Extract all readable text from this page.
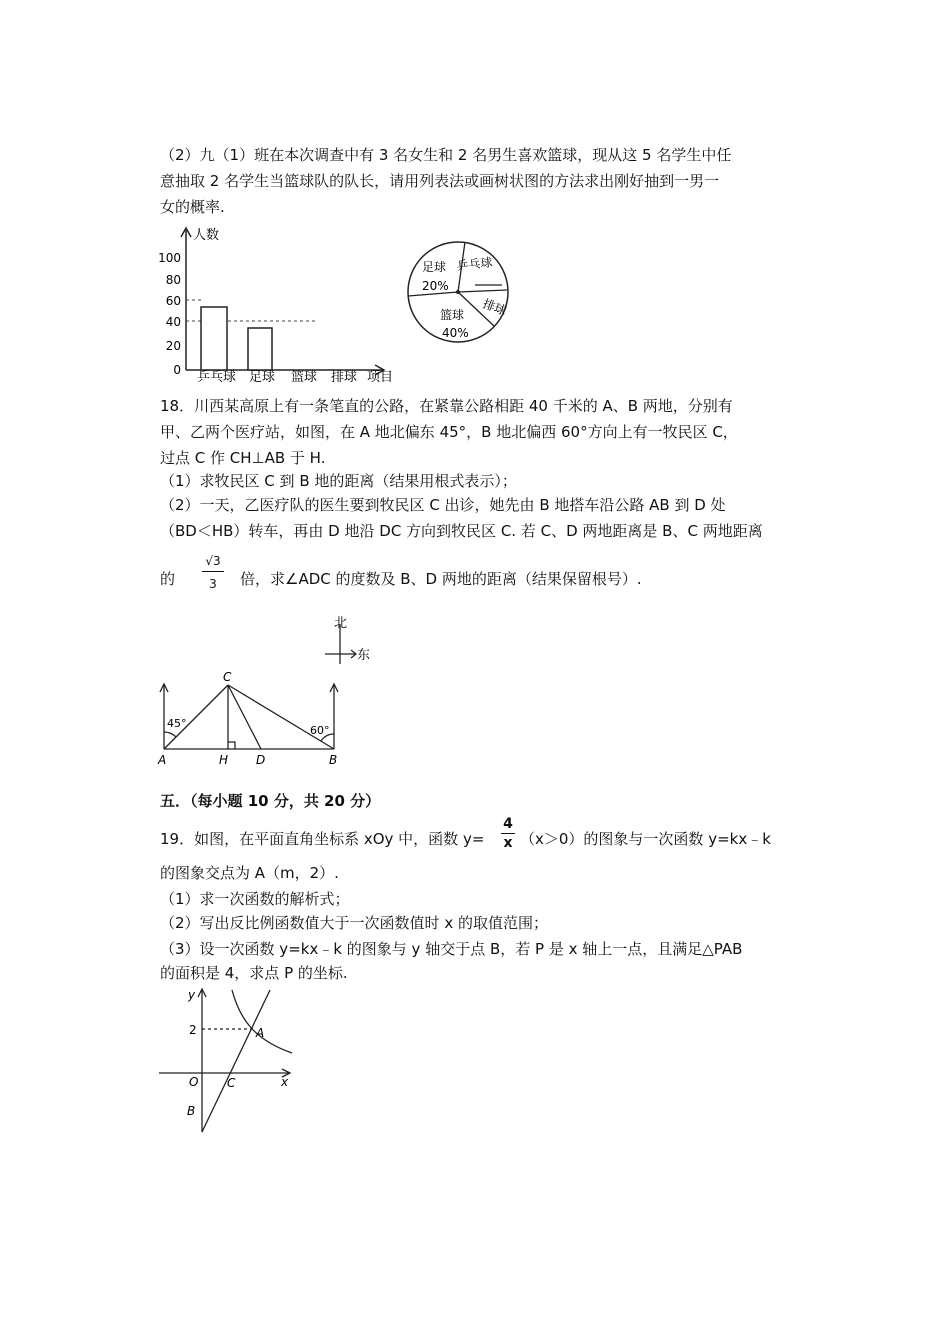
（2）九（1）班在本次调查中有 3 名女生和 2 名男生喜欢篮球，现从这 5 名学生中任
意抽取 2 名学生当篮球队的队长，请用列表法或画树状图的方法求出刚好抽到一男一
女的概率.
人数
0
20
40
60
80
100
乒乓球 足球 篮球 排球 项目
足球
20%
乒乓球
排球
篮球
40%
18．川西某高原上有一条笔直的公路，在紧靠公路相距 40 千米的 A、B 两地，分别有
甲、乙两个医疗站，如图，在 A 地北偏东 45°，B 地北偏西 60°方向上有一牧民区 C，
过点 C 作 CH⊥AB 于 H.
（1）求牧民区 C 到 B 地的距离（结果用根式表示）；
（2）一天，乙医疗队的医生要到牧民区 C 出诊，她先由 B 地搭车沿公路 AB 到 D 处
（BD＜HB）转车，再由 D 地沿 DC 方向到牧民区 C. 若 C、D 两地距离是 B、C 两地距离
的 $\frac{√3}{3}$ 倍，求∠ADC 的度数及 B、D 两地的距离（结果保留根号）.
北
东
A	H D	B
C
45°
60°
五．（每小题 10 分，共 20 分）
19．如图，在平面直角坐标系 xOy 中，函数 $y= \frac{4}{x} (x>0)$的图象与一次函数 y=kx﹣k
的图象交点为 A（m，2）.
（1）求一次函数的解析式；
（2）写出反比例函数值大于一次函数值时 x 的取值范围；
（3）设一次函数 y=kx﹣k 的图象与 y 轴交于点 B，若 P 是 x 轴上一点，且满足△PAB
的面积是 4，求点 P 的坐标.
y
x
O C
A
B
2
